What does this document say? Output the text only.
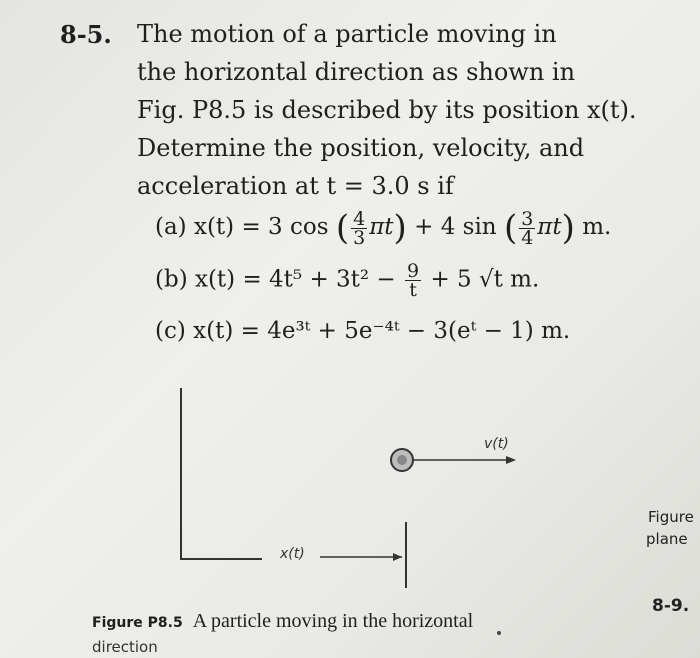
8-5. The motion of a particle moving in
the horizontal direction as shown in
Fig. P8.5 is described by its position x(t).
Determine the position, velocity, and
acceleration at t = 3.0 s if
(a) x(t) = 3 cos ( $\frac{4}{3} \pi t) + 4$ sin ( $\frac{3}{4} \pi t$) m.
(b) $x(t) = 4t^5 + 3t^2 - \frac{9}{t} + 5$ √t m.
(c) x(t) = 4e³ᵗ + 5e⁻⁴ᵗ − 3(eᵗ − 1) m.
v(t)
x(t)
Figure P8.5 A particle moving in the horizontal
direction
Figure
plane
8-9.
